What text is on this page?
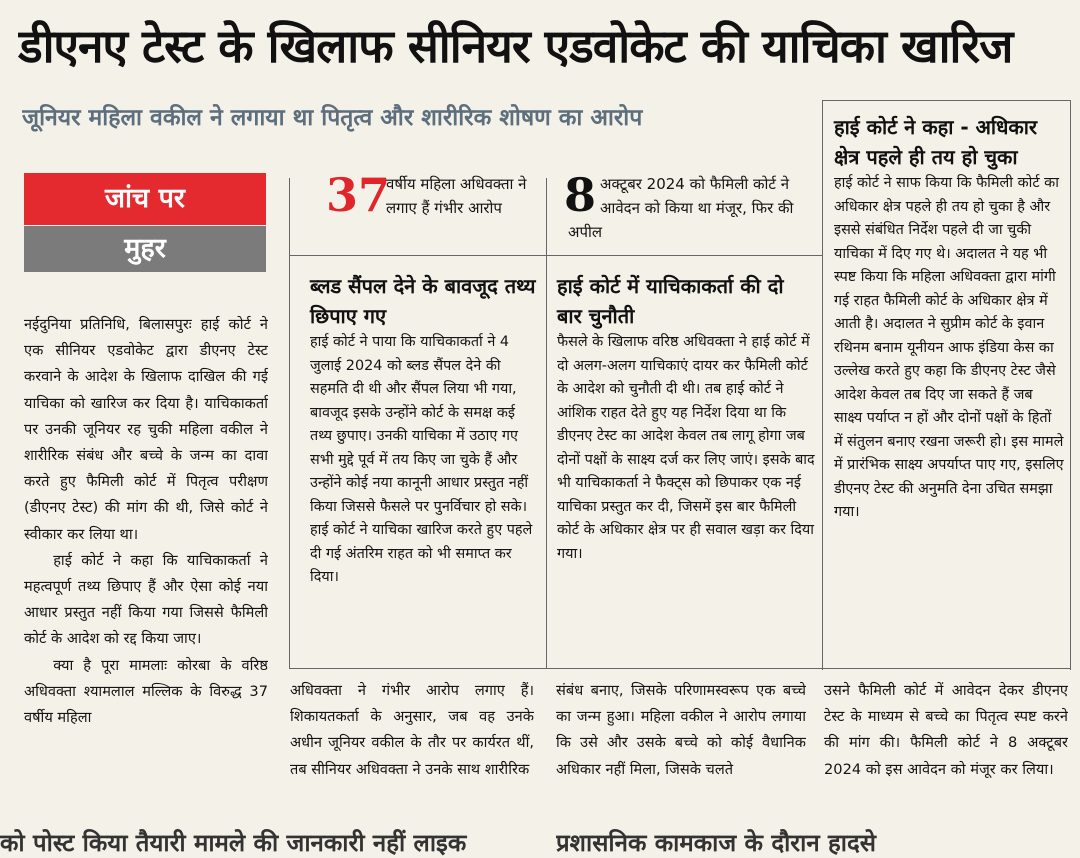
डीएनए टेस्ट के खिलाफ सीनियर एडवोकेट की याचिका खारिज
जूनियर महिला वकील ने लगाया था पितृत्व और शारीरिक शोषण का आरोप
जांच पर
मुहर

नईदुनिया प्रतिनिधि, बिलासपुरः हाई कोर्ट ने एक सीनियर एडवोकेट द्वारा डीएनए टेस्ट करवाने के आदेश के खिलाफ दाखिल की गई याचिका को खारिज कर दिया है। याचिकाकर्ता पर उनकी जूनियर रह चुकी महिला वकील ने शारीरिक संबंध और बच्चे के जन्म का दावा करते हुए फैमिली कोर्ट में पितृत्व परीक्षण (डीएनए टेस्ट) की मांग की थी, जिसे कोर्ट ने स्वीकार कर लिया था।

हाई कोर्ट ने कहा कि याचिकाकर्ता ने महत्वपूर्ण तथ्य छिपाए हैं और ऐसा कोई नया आधार प्रस्तुत नहीं किया गया जिससे फैमिली कोर्ट के आदेश को रद्द किया जाए।

क्या है पूरा मामलाः कोरबा के वरिष्ठ अधिवक्ता श्यामलाल मल्लिक के विरुद्ध 37 वर्षीय महिला

37
वर्षीय महिला अधिवक्ता ने लगाए हैं गंभीर आरोप	8 अक्टूबर 2024 को फैमिली कोर्ट ने आवेदन को किया था मंजूर, फिर की अपील
ब्लड सैंपल देने के बावजूद तथ्य छिपाए गए

हाई कोर्ट ने पाया कि याचिकाकर्ता ने 4 जुलाई 2024 को ब्लड सैंपल देने की सहमति दी थी और सैंपल लिया भी गया, बावजूद इसके उन्होंने कोर्ट के समक्ष कई तथ्य छुपाए। उनकी याचिका में उठाए गए सभी मुद्दे पूर्व में तय किए जा चुके हैं और उन्होंने कोई नया कानूनी आधार प्रस्तुत नहीं किया जिससे फैसले पर पुनर्विचार हो सके। हाई कोर्ट ने याचिका खारिज करते हुए पहले दी गई अंतरिम राहत को भी समाप्त कर दिया।

हाई कोर्ट में याचिकाकर्ता की दो बार चुनौती

फैसले के खिलाफ वरिष्ठ अधिवक्ता ने हाई कोर्ट में दो अलग-अलग याचिकाएं दायर कर फैमिली कोर्ट के आदेश को चुनौती दी थी। तब हाई कोर्ट ने आंशिक राहत देते हुए यह निर्देश दिया था कि डीएनए टेस्ट का आदेश केवल तब लागू होगा जब दोनों पक्षों के साक्ष्य दर्ज कर लिए जाएं। इसके बाद भी याचिकाकर्ता ने फैक्ट्स को छिपाकर एक नई याचिका प्रस्तुत कर दी, जिसमें इस बार फैमिली कोर्ट के अधिकार क्षेत्र पर ही सवाल खड़ा कर दिया गया।

हाई कोर्ट ने कहा - अधिकार क्षेत्र पहले ही तय हो चुका

हाई कोर्ट ने साफ किया कि फैमिली कोर्ट का अधिकार क्षेत्र पहले ही तय हो चुका है और इससे संबंधित निर्देश पहले दी जा चुकी याचिका में दिए गए थे। अदालत ने यह भी स्पष्ट किया कि महिला अधिवक्ता द्वारा मांगी गई राहत फैमिली कोर्ट के अधिकार क्षेत्र में आती है। अदालत ने सुप्रीम कोर्ट के इवान रथिनम बनाम यूनीयन आफ इंडिया केस का उल्लेख करते हुए कहा कि डीएनए टेस्ट जैसे आदेश केवल तब दिए जा सकते हैं जब साक्ष्य पर्याप्त न हों और दोनों पक्षों के हितों में संतुलन बनाए रखना जरूरी हो। इस मामले में प्रारंभिक साक्ष्य अपर्याप्त पाए गए, इसलिए डीएनए टेस्ट की अनुमति देना उचित समझा गया।

अधिवक्ता ने गंभीर आरोप लगाए हैं। शिकायतकर्ता के अनुसार, जब वह उनके अधीन जूनियर वकील के तौर पर कार्यरत थीं, तब सीनियर अधिवक्ता ने उनके साथ शारीरिक
संबंध बनाए, जिसके परिणामस्वरूप एक बच्चे का जन्म हुआ। महिला वकील ने आरोप लगाया कि उसे और उसके बच्चे को कोई वैधानिक अधिकार नहीं मिला, जिसके चलते
उसने फैमिली कोर्ट में आवेदन देकर डीएनए टेस्ट के माध्यम से बच्चे का पितृत्व स्पष्ट करने की मांग की। फैमिली कोर्ट ने 8 अक्टूबर 2024 को इस आवेदन को मंजूर कर लिया।
को पोस्ट किया तैयारी मामले की जानकारी नहीं लाइक	प्रशासनिक कामकाज के दौरान हादसे
